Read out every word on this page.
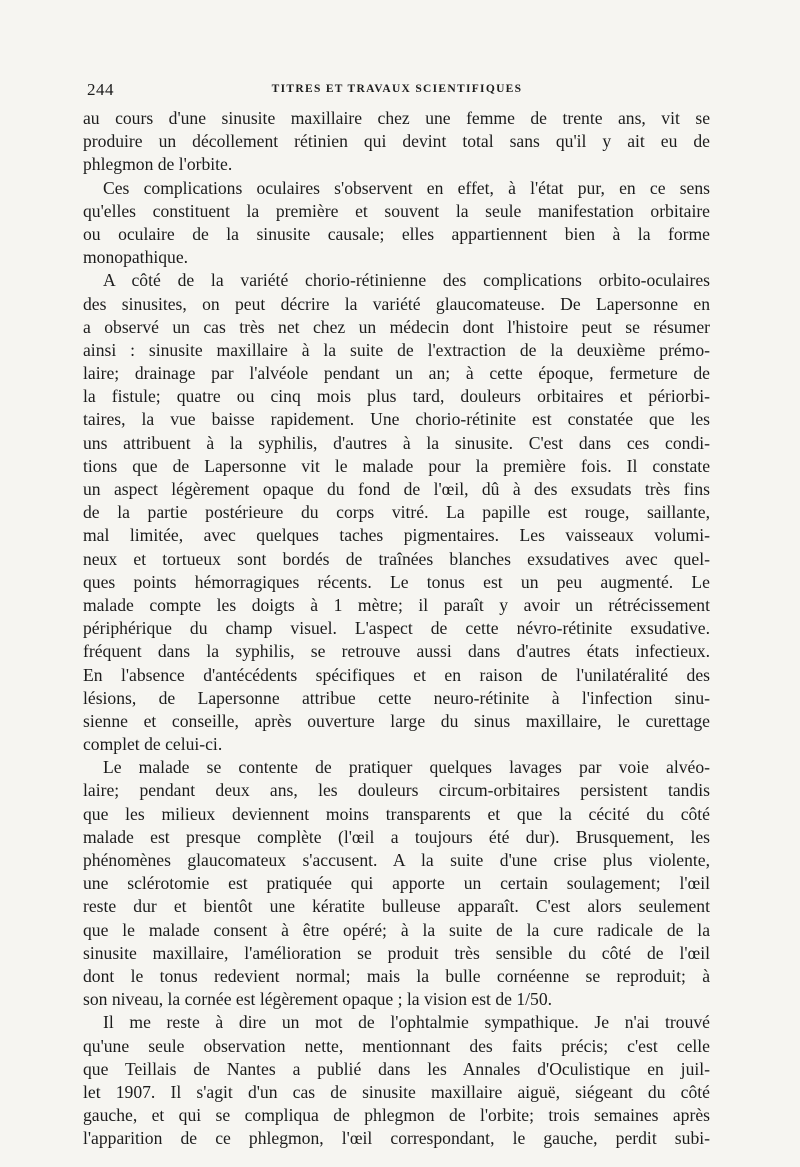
244	TITRES ET TRAVAUX SCIENTIFIQUES
au cours d'une sinusite maxillaire chez une femme de trente ans, vit se
produire un décollement rétinien qui devint total sans qu'il y ait eu de
phlegmon de l'orbite.
Ces complications oculaires s'observent en effet, à l'état pur, en ce sens
qu'elles constituent la première et souvent la seule manifestation orbitaire
ou oculaire de la sinusite causale; elles appartiennent bien à la forme
monopathique.
A côté de la variété chorio-rétinienne des complications orbito-oculaires
des sinusites, on peut décrire la variété glaucomateuse. De Lapersonne en
a observé un cas très net chez un médecin dont l'histoire peut se résumer
ainsi : sinusite maxillaire à la suite de l'extraction de la deuxième prémo-
laire; drainage par l'alvéole pendant un an; à cette époque, fermeture de
la fistule; quatre ou cinq mois plus tard, douleurs orbitaires et périorbi-
taires, la vue baisse rapidement. Une chorio-rétinite est constatée que les
uns attribuent à la syphilis, d'autres à la sinusite. C'est dans ces condi-
tions que de Lapersonne vit le malade pour la première fois. Il constate
un aspect légèrement opaque du fond de l'œil, dû à des exsudats très fins
de la partie postérieure du corps vitré. La papille est rouge, saillante,
mal limitée, avec quelques taches pigmentaires. Les vaisseaux volumi-
neux et tortueux sont bordés de traînées blanches exsudatives avec quel-
ques points hémorragiques récents. Le tonus est un peu augmenté. Le
malade compte les doigts à 1 mètre; il paraît y avoir un rétrécissement
périphérique du champ visuel. L'aspect de cette névro-rétinite exsudative.
fréquent dans la syphilis, se retrouve aussi dans d'autres états infectieux.
En l'absence d'antécédents spécifiques et en raison de l'unilatéralité des
lésions, de Lapersonne attribue cette neuro-rétinite à l'infection sinu-
sienne et conseille, après ouverture large du sinus maxillaire, le curettage
complet de celui-ci.
Le malade se contente de pratiquer quelques lavages par voie alvéo-
laire; pendant deux ans, les douleurs circum-orbitaires persistent tandis
que les milieux deviennent moins transparents et que la cécité du côté
malade est presque complète (l'œil a toujours été dur). Brusquement, les
phénomènes glaucomateux s'accusent. A la suite d'une crise plus violente,
une sclérotomie est pratiquée qui apporte un certain soulagement; l'œil
reste dur et bientôt une kératite bulleuse apparaît. C'est alors seulement
que le malade consent à être opéré; à la suite de la cure radicale de la
sinusite maxillaire, l'amélioration se produit très sensible du côté de l'œil
dont le tonus redevient normal; mais la bulle cornéenne se reproduit; à
son niveau, la cornée est légèrement opaque ; la vision est de 1/50.
Il me reste à dire un mot de l'ophtalmie sympathique. Je n'ai trouvé
qu'une seule observation nette, mentionnant des faits précis; c'est celle
que Teillais de Nantes a publié dans les Annales d'Oculistique en juil-
let 1907. Il s'agit d'un cas de sinusite maxillaire aiguë, siégeant du côté
gauche, et qui se compliqua de phlegmon de l'orbite; trois semaines après
l'apparition de ce phlegmon, l'œil correspondant, le gauche, perdit subi-
